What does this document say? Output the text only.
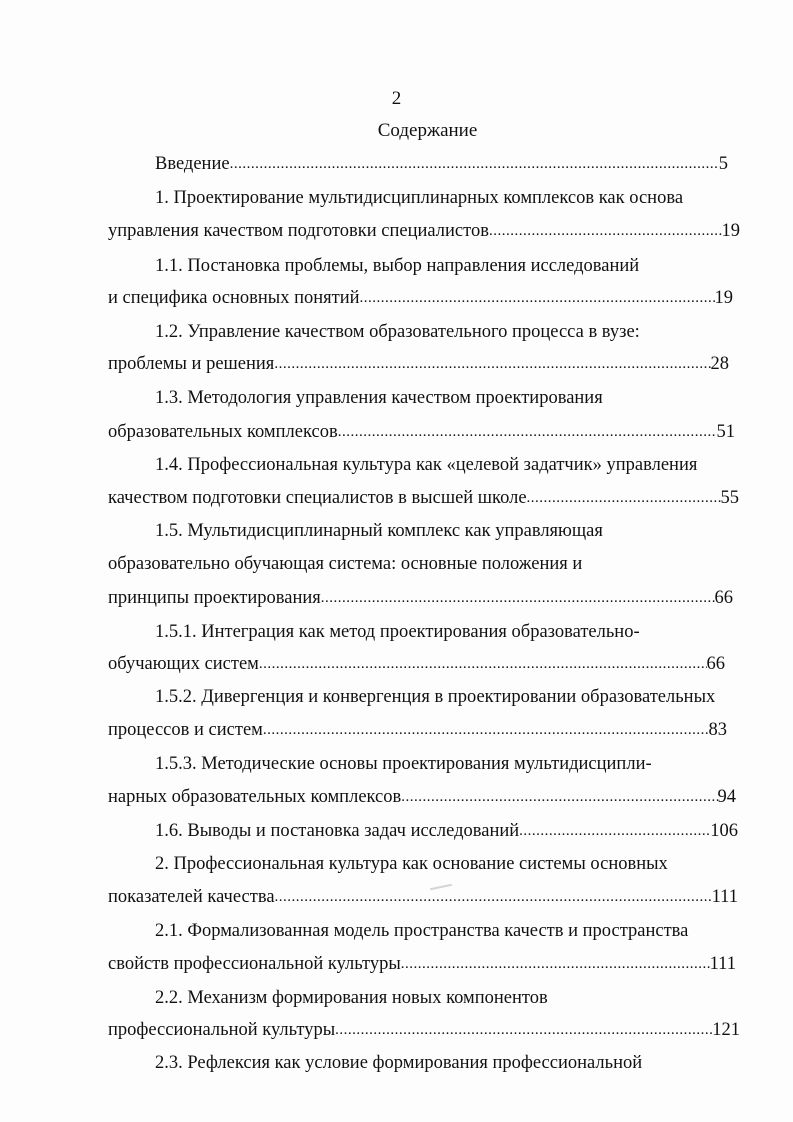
2
Содержание
Введение .....	5
1. Проектирование мультидисциплинарных комплексов как основа
управления качеством подготовки специалистов .....	19
1.1. Постановка проблемы, выбор направления исследований
и специфика основных понятий .....	19
1.2. Управление качеством образовательного процесса в вузе:
проблемы и решения .....	28
1.3. Методология управления качеством проектирования
образовательных комплексов .....	51
1.4. Профессиональная культура как «целевой задатчик» управления
качеством подготовки специалистов в высшей школе .....	55
1.5. Мультидисциплинарный комплекс как управляющая
образовательно обучающая система: основные положения и
принципы проектирования .....	66
1.5.1. Интеграция как метод проектирования образовательно-
обучающих систем .....	66
1.5.2. Дивергенция и конвергенция в проектировании образовательных
процессов и систем .....	83
1.5.3. Методические основы проектирования мультидисципли-
нарных образовательных комплексов .....	94
1.6. Выводы и постановка задач исследований .....	106
2. Профессиональная культура как основание системы основных
показателей качества .....	111
2.1. Формализованная модель пространства качеств и пространства
свойств профессиональной культуры .....	111
2.2. Механизм формирования новых компонентов
профессиональной культуры .....	121
2.3. Рефлексия как условие формирования профессиональной
